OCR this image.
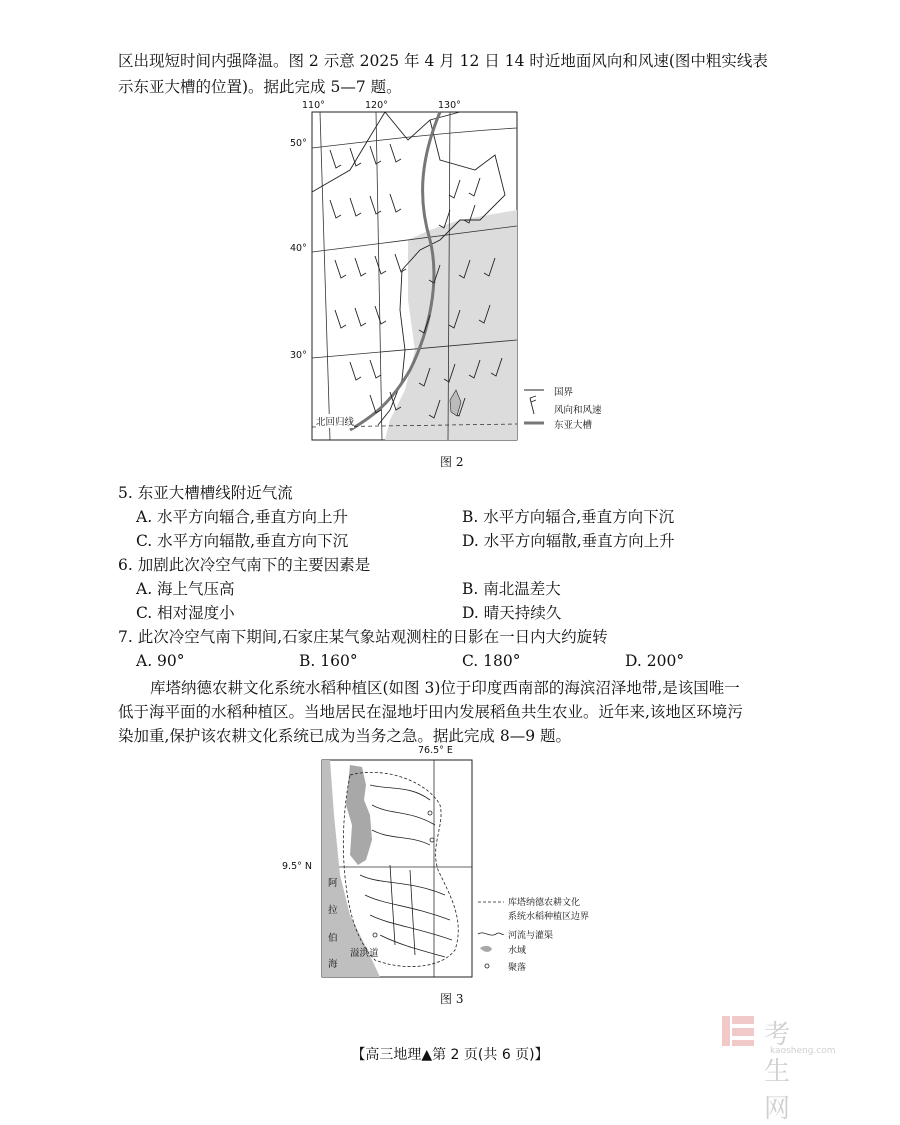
区出现短时间内强降温。图 2 示意 2025 年 4 月 12 日 14 时近地面风向和风速(图中粗实线表
示东亚大槽的位置)。据此完成 5—7 题。
110°	120°	130°
50°
40°
30°
北回归线
国界
风向和风速
东亚大槽
图 2
5. 东亚大槽槽线附近气流
A. 水平方向辐合,垂直方向上升	B. 水平方向辐合,垂直方向下沉
C. 水平方向辐散,垂直方向下沉	D. 水平方向辐散,垂直方向上升
6. 加剧此次冷空气南下的主要因素是
A. 海上气压高	B. 南北温差大
C. 相对湿度小	D. 晴天持续久
7. 此次冷空气南下期间,石家庄某气象站观测柱的日影在一日内大约旋转
A. 90°	B. 160°	C. 180°	D. 200°
库塔纳德农耕文化系统水稻种植区(如图 3)位于印度西南部的海滨沼泽地带,是该国唯一
低于海平面的水稻种植区。当地居民在湿地圩田内发展稻鱼共生农业。近年来,该地区环境污
染加重,保护该农耕文化系统已成为当务之急。据此完成 8—9 题。
76.5° E
9.5° N
阿
拉
伯
海
溢洪道
库塔纳德农耕文化
系统水稻种植区边界
河流与灌渠
水域
聚落
图 3
【高三地理▲第 2 页(共 6 页)】
考生网
kaosheng.com
